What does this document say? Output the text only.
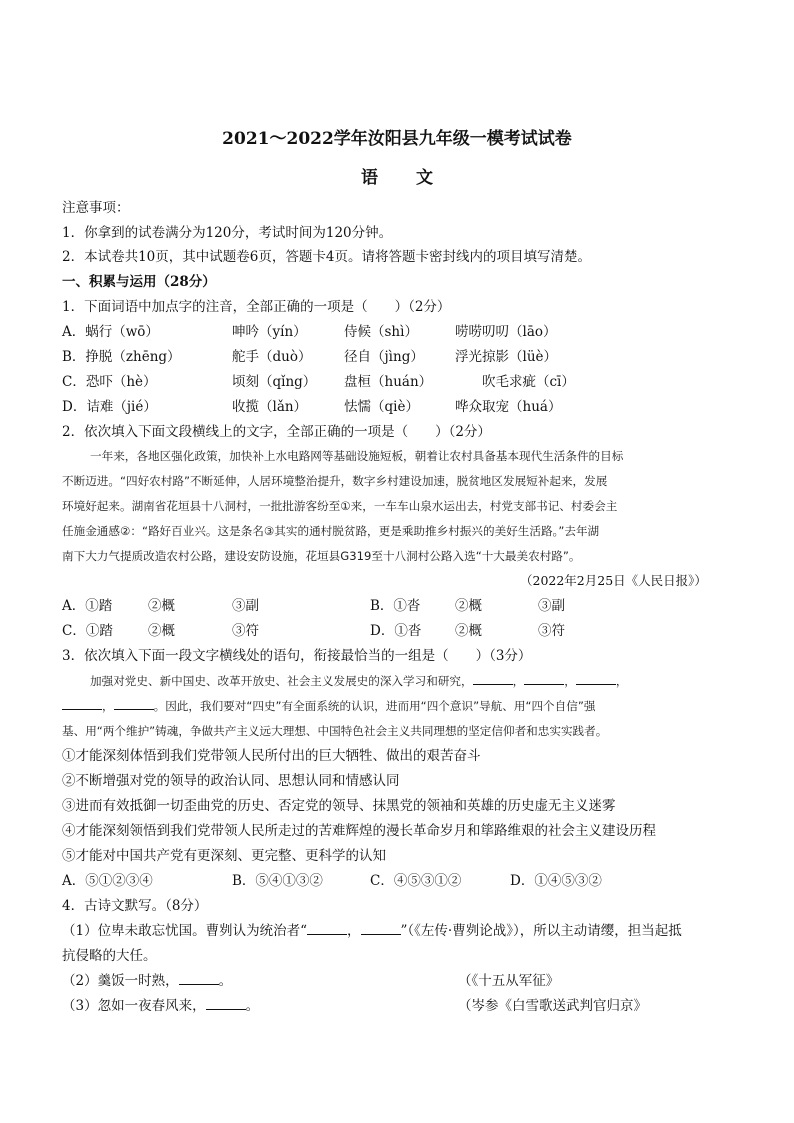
2021～2022学年汝阳县九年级一模考试试卷
语文
注意事项：
1．你拿到的试卷满分为120分，考试时间为120分钟。
2．本试卷共10页，其中试题卷6页，答题卡4页。请将答题卡密封线内的项目填写清楚。
一、积累与运用（28分）
1．下面词语中加点字的注音，全部正确的一项是（　　）（2分）
A．蜗行（wō）	呻吟（yín）	侍候（shì）	唠唠叨叨（lāo）
B．挣脱（zhēng）	舵手（duò） 径自（jìng） 浮光掠影（lüè）
C．恐吓（hè）	顷刻（qǐng） 盘桓（huán）	吹毛求疵（cī）
D．诘难（jié）	收揽（lǎn）	怯懦（qiè）	哗众取宠（huá）
2．依次填入下面文段横线上的文字，全部正确的一项是（　　）（2分）
一年来，各地区强化政策，加快补上水电路网等基础设施短板，朝着让农村具备基本现代生活条件的目标
不断迈进。“四好农村路”不断延伸，人居环境整治提升，数字乡村建设加速，脱贫地区发展短补起来，发展
环境好起来。湖南省花垣县十八洞村，一批批游客纷至①来，一车车山泉水运出去，村党支部书记、村委会主
任施金通感②：“路好百业兴。这是条名③其实的通村脱贫路，更是乘助推乡村振兴的美好生活路。”去年湖
南下大力气提质改造农村公路，建设安防设施，花垣县G319至十八洞村公路入选“十大最美农村路”。
（2022年2月25日《人民日报》）
A．①踏	②概	③副	B．①沓	②概	③副
C．①踏	②概	③符	D．①沓 ②概	③符
3．依次填入下面一段文字横线处的语句，衔接最恰当的一组是（　　）（3分）
加强对党史、新中国史、改革开放史、社会主义发展史的深入学习和研究，	，	，	，
，	。因此，我们要对“四史”有全面系统的认识，进而用“四个意识”导航、用“四个自信”强
基、用“两个维护”铸魂，争做共产主义远大理想、中国特色社会主义共同理想的坚定信仰者和忠实实践者。
①才能深刻体悟到我们党带领人民所付出的巨大牺牲、做出的艰苦奋斗
②不断增强对党的领导的政治认同、思想认同和情感认同
③进而有效抵御一切歪曲党的历史、否定党的领导、抹黑党的领袖和英雄的历史虚无主义迷雾
④才能深刻领悟到我们党带领人民所走过的苦难辉煌的漫长革命岁月和筚路维艰的社会主义建设历程
⑤才能对中国共产党有更深刻、更完整、更科学的认知
A．⑤①②③④	B．⑤④①③②	C．④⑤③①②	D．①④⑤③②
4．古诗文默写。（8分）
（1）位卑未敢忘忧国。曹刿认为统治者“	，	”（《左传·曹刿论战》），所以主动请缨，担当起抵
抗侵略的大任。
（2）羹饭一时熟，	。	（《十五从军征》
（3）忽如一夜春风来，	。	（岑参《白雪歌送武判官归京》
